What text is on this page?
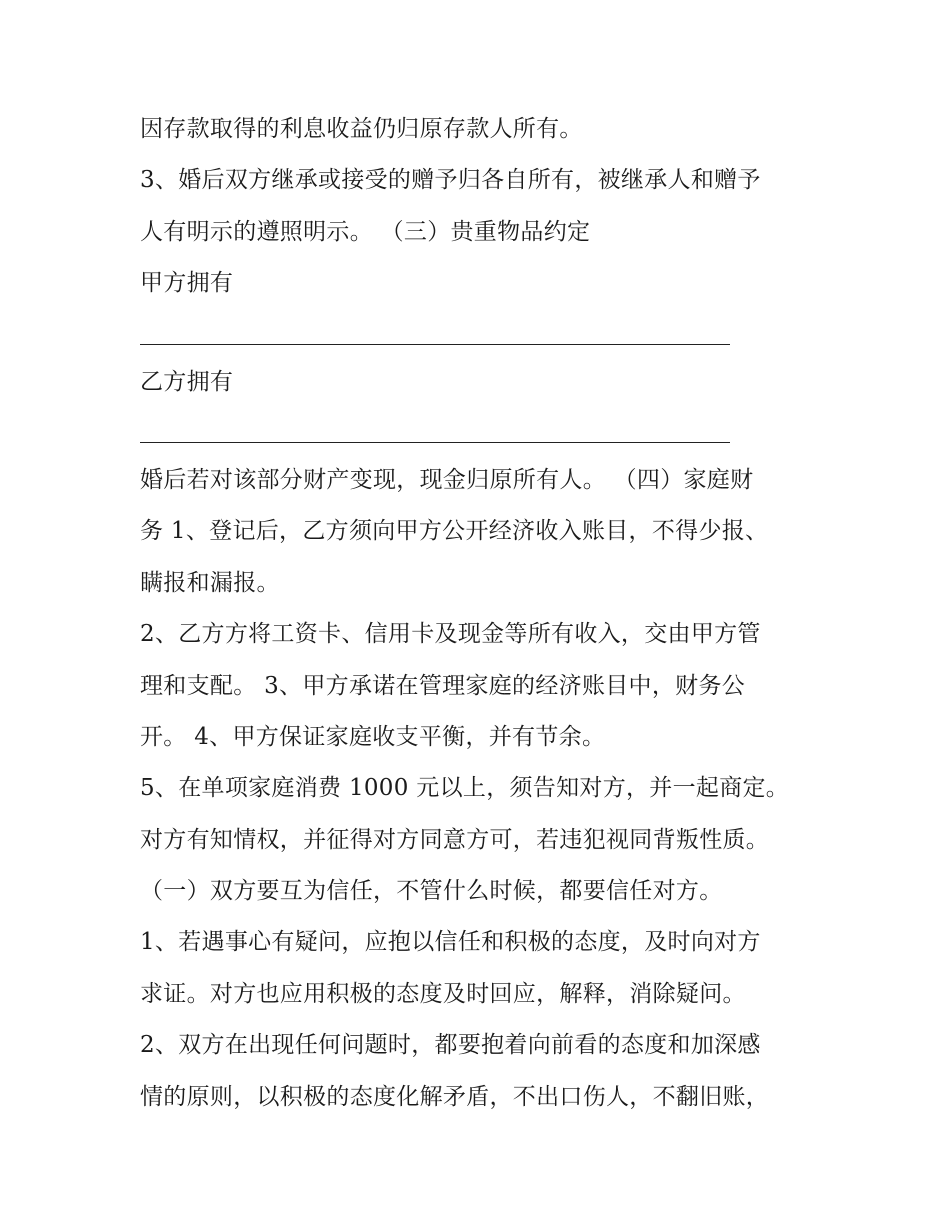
因存款取得的利息收益仍归原存款人所有。
3、婚后双方继承或接受的赠予归各自所有，被继承人和赠予
人有明示的遵照明示。 （三）贵重物品约定
甲方拥有
乙方拥有
婚后若对该部分财产变现，现金归原所有人。 （四）家庭财
务 1、登记后，乙方须向甲方公开经济收入账目，不得少报、
瞒报和漏报。
2、乙方方将工资卡、信用卡及现金等所有收入，交由甲方管
理和支配。 3、甲方承诺在管理家庭的经济账目中，财务公
开。 4、甲方保证家庭收支平衡，并有节余。
5、在单项家庭消费 1000 元以上，须告知对方，并一起商定。
对方有知情权，并征得对方同意方可，若违犯视同背叛性质。
（一）双方要互为信任，不管什么时候，都要信任对方。
1、若遇事心有疑问，应抱以信任和积极的态度，及时向对方
求证。对方也应用积极的态度及时回应，解释，消除疑问。
2、双方在出现任何问题时，都要抱着向前看的态度和加深感
情的原则，以积极的态度化解矛盾，不出口伤人，不翻旧账，
